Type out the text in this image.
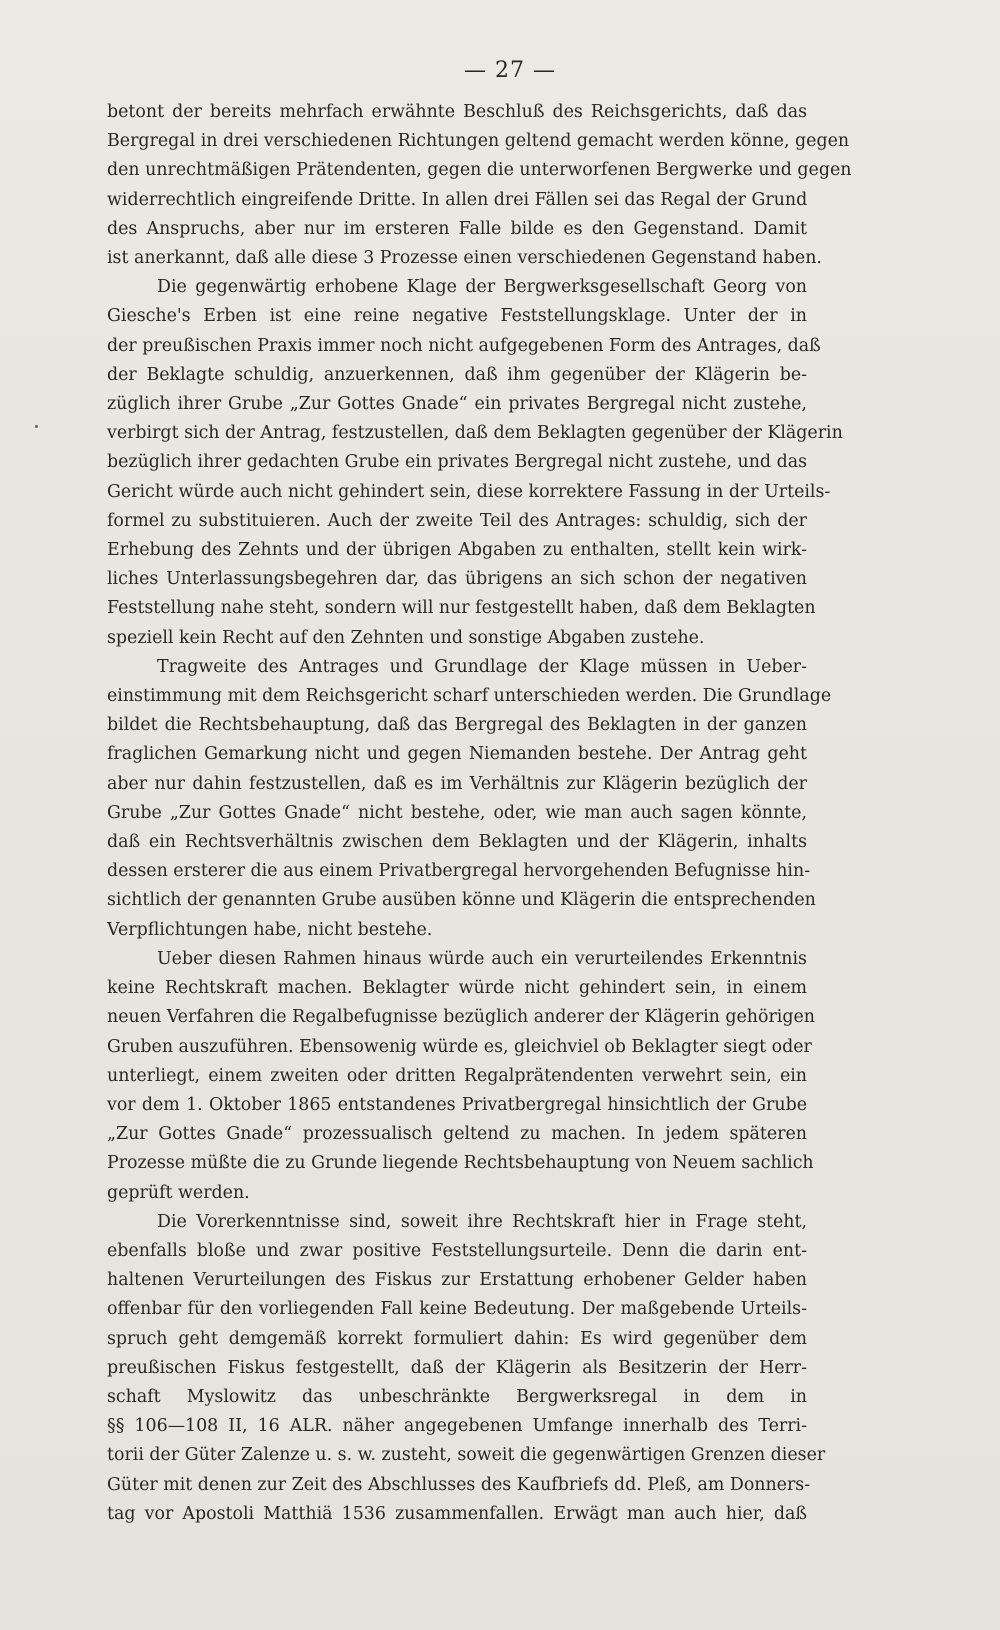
— 27 —
betont der bereits mehrfach erwähnte Beschluß des Reichsgerichts, daß das
Bergregal in drei verschiedenen Richtungen geltend gemacht werden könne, gegen
den unrechtmäßigen Prätendenten, gegen die unterworfenen Bergwerke und gegen
widerrechtlich eingreifende Dritte. In allen drei Fällen sei das Regal der Grund
des Anspruchs, aber nur im ersteren Falle bilde es den Gegenstand. Damit
ist anerkannt, daß alle diese 3 Prozesse einen verschiedenen Gegenstand haben.
Die gegenwärtig erhobene Klage der Bergwerksgesellschaft Georg von
Giesche's Erben ist eine reine negative Feststellungsklage. Unter der in
der preußischen Praxis immer noch nicht aufgegebenen Form des Antrages, daß
der Beklagte schuldig, anzuerkennen, daß ihm gegenüber der Klägerin be-
züglich ihrer Grube „Zur Gottes Gnade“ ein privates Bergregal nicht zustehe,
verbirgt sich der Antrag, festzustellen, daß dem Beklagten gegenüber der Klägerin
bezüglich ihrer gedachten Grube ein privates Bergregal nicht zustehe, und das
Gericht würde auch nicht gehindert sein, diese korrektere Fassung in der Urteils-
formel zu substituieren. Auch der zweite Teil des Antrages: schuldig, sich der
Erhebung des Zehnts und der übrigen Abgaben zu enthalten, stellt kein wirk-
liches Unterlassungsbegehren dar, das übrigens an sich schon der negativen
Feststellung nahe steht, sondern will nur festgestellt haben, daß dem Beklagten
speziell kein Recht auf den Zehnten und sonstige Abgaben zustehe.
Tragweite des Antrages und Grundlage der Klage müssen in Ueber-
einstimmung mit dem Reichsgericht scharf unterschieden werden. Die Grundlage
bildet die Rechtsbehauptung, daß das Bergregal des Beklagten in der ganzen
fraglichen Gemarkung nicht und gegen Niemanden bestehe. Der Antrag geht
aber nur dahin festzustellen, daß es im Verhältnis zur Klägerin bezüglich der
Grube „Zur Gottes Gnade“ nicht bestehe, oder, wie man auch sagen könnte,
daß ein Rechtsverhältnis zwischen dem Beklagten und der Klägerin, inhalts
dessen ersterer die aus einem Privatbergregal hervorgehenden Befugnisse hin-
sichtlich der genannten Grube ausüben könne und Klägerin die entsprechenden
Verpflichtungen habe, nicht bestehe.
Ueber diesen Rahmen hinaus würde auch ein verurteilendes Erkenntnis
keine Rechtskraft machen. Beklagter würde nicht gehindert sein, in einem
neuen Verfahren die Regalbefugnisse bezüglich anderer der Klägerin gehörigen
Gruben auszuführen. Ebensowenig würde es, gleichviel ob Beklagter siegt oder
unterliegt, einem zweiten oder dritten Regalprätendenten verwehrt sein, ein
vor dem 1. Oktober 1865 entstandenes Privatbergregal hinsichtlich der Grube
„Zur Gottes Gnade“ prozessualisch geltend zu machen. In jedem späteren
Prozesse müßte die zu Grunde liegende Rechtsbehauptung von Neuem sachlich
geprüft werden.
Die Vorerkenntnisse sind, soweit ihre Rechtskraft hier in Frage steht,
ebenfalls bloße und zwar positive Feststellungsurteile. Denn die darin ent-
haltenen Verurteilungen des Fiskus zur Erstattung erhobener Gelder haben
offenbar für den vorliegenden Fall keine Bedeutung. Der maßgebende Urteils-
spruch geht demgemäß korrekt formuliert dahin: Es wird gegenüber dem
preußischen Fiskus festgestellt, daß der Klägerin als Besitzerin der Herr-
schaft Myslowitz das unbeschränkte Bergwerksregal in dem in
§§ 106—108 II, 16 ALR. näher angegebenen Umfange innerhalb des Terri-
torii der Güter Zalenze u. s. w. zusteht, soweit die gegenwärtigen Grenzen dieser
Güter mit denen zur Zeit des Abschlusses des Kaufbriefs dd. Pleß, am Donners-
tag vor Apostoli Matthiä 1536 zusammenfallen. Erwägt man auch hier, daß
